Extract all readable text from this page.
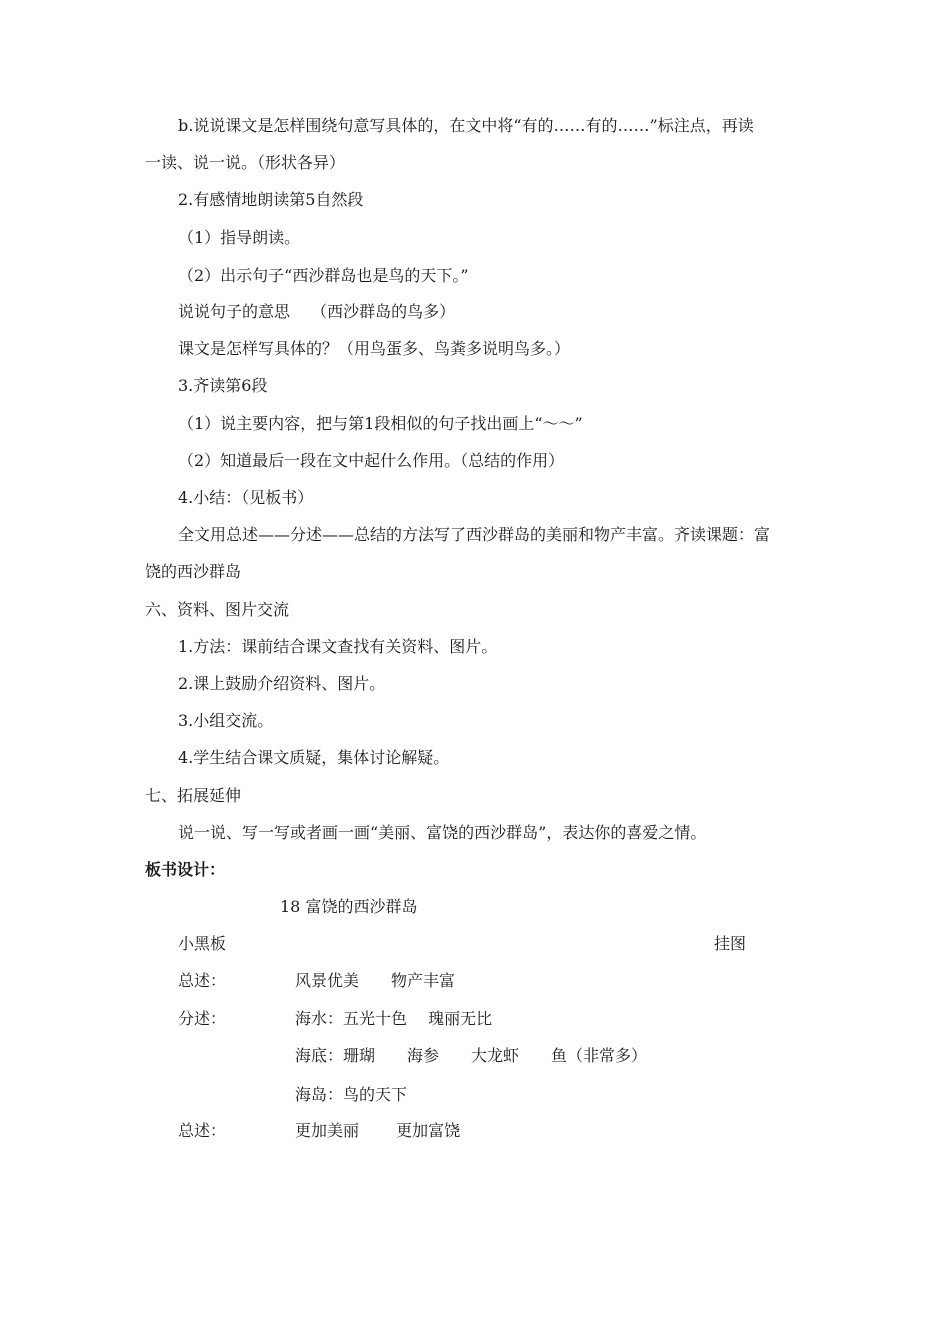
b.说说课文是怎样围绕句意写具体的，在文中将“有的……有的……”标注点，再读
一读、说一说。（形状各异）
2.有感情地朗读第5自然段
（1）指导朗读。
（2）出示句子“西沙群岛也是鸟的天下。”
说说句子的意思　 （西沙群岛的鸟多）
课文是怎样写具体的？（用鸟蛋多、鸟粪多说明鸟多。）
3.齐读第6段
（1）说主要内容，把与第1段相似的句子找出画上“～～”
（2）知道最后一段在文中起什么作用。（总结的作用）
4.小结：（见板书）
全文用总述——分述——总结的方法写了西沙群岛的美丽和物产丰富。齐读课题：富
饶的西沙群岛
六、资料、图片交流
1.方法：课前结合课文查找有关资料、图片。
2.课上鼓励介绍资料、图片。
3.小组交流。
4.学生结合课文质疑，集体讨论解疑。
七、拓展延伸
说一说、写一写或者画一画“美丽、富饶的西沙群岛”，表达你的喜爱之情。
板书设计：
18 富饶的西沙群岛
小黑板	挂图
总述：	风景优美　　物产丰富
分述：	海水：五光十色　 瑰丽无比
海底：珊瑚　　海参　　大龙虾　　鱼（非常多）
海岛：鸟的天下
总述：	更加美丽　　 更加富饶
